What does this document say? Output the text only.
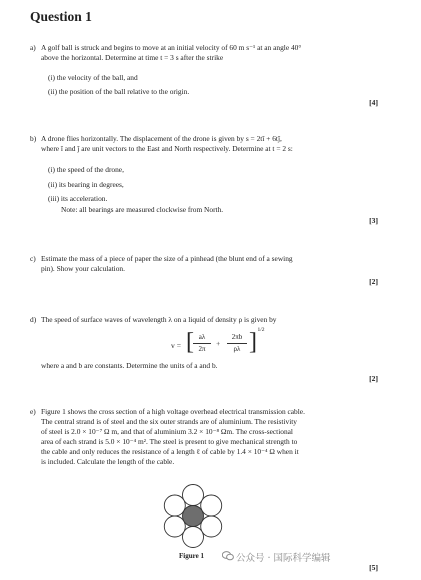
Question 1
a) A golf ball is struck and begins to move at an initial velocity of 60 m s⁻¹ at an angle 40°
above the horizontal. Determine at time t = 3 s after the strike
(i) the velocity of the ball, and
(ii) the position of the ball relative to the origin.
[4]
b) A drone flies horizontally. The displacement of the drone is given by s = 2tî + 6tĵ,
where î and ĵ are unit vectors to the East and North respectively. Determine at t = 2 s:
(i) the speed of the drone,
(ii) its bearing in degrees,
(iii) its acceleration.
Note: all bearings are measured clockwise from North.
[3]
c) Estimate the mass of a piece of paper the size of a pinhead (the blunt end of a sewing
pin). Show your calculation.
[2]
d) The speed of surface waves of wavelength λ on a liquid of density ρ is given by
v = [ aλ
2π
+
2πb
ρλ ] 1/2
where a and b are constants. Determine the units of a and b.
[2]
e) Figure 1 shows the cross section of a high voltage overhead electrical transmission cable.
The central strand is of steel and the six outer strands are of aluminium. The resistivity
of steel is 2.0 × 10⁻⁷ Ω m, and that of aluminium 3.2 × 10⁻⁸ Ωm. The cross-sectional
area of each strand is 5.0 × 10⁻⁴ m². The steel is present to give mechanical strength to
the cable and only reduces the resistance of a length ℓ of cable by 1.4 × 10⁻⁴ Ω when it
is included. Calculate the length of the cable.
Figure 1
[5]
公众号 · 国际科学编辑
